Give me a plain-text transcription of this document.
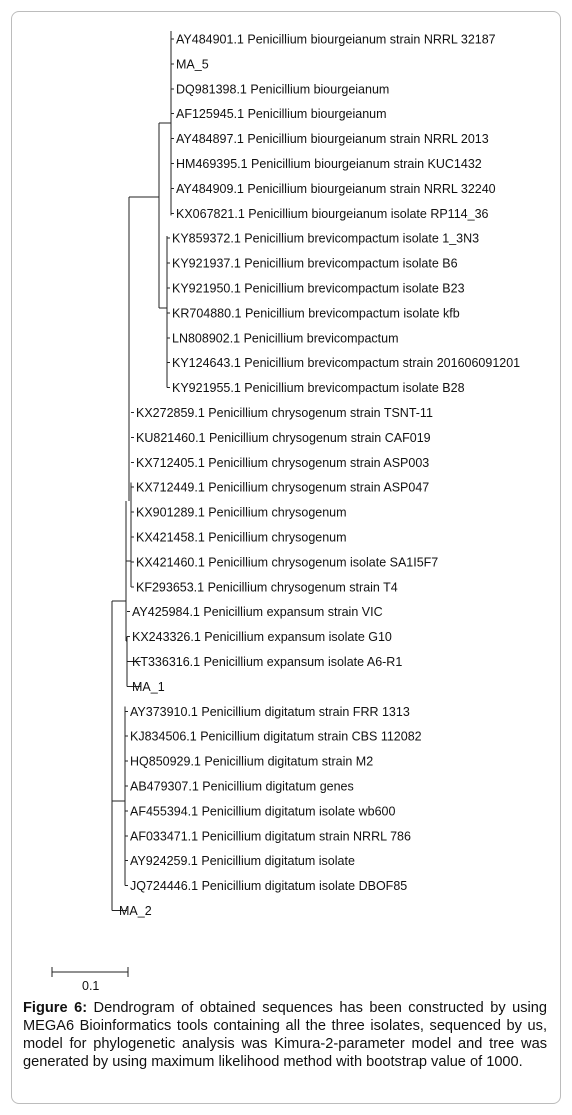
AY484901.1 Penicillium biourgeianum strain NRRL 32187
MA_5
DQ981398.1 Penicillium biourgeianum
AF125945.1 Penicillium biourgeianum
AY484897.1 Penicillium biourgeianum strain NRRL 2013
HM469395.1 Penicillium biourgeianum strain KUC1432
AY484909.1 Penicillium biourgeianum strain NRRL 32240
KX067821.1 Penicillium biourgeianum isolate RP114_36
KY859372.1 Penicillium brevicompactum isolate 1_3N3
KY921937.1 Penicillium brevicompactum isolate B6
KY921950.1 Penicillium brevicompactum isolate B23
KR704880.1 Penicillium brevicompactum isolate kfb
LN808902.1 Penicillium brevicompactum
KY124643.1 Penicillium brevicompactum strain 201606091201
KY921955.1 Penicillium brevicompactum isolate B28
KX272859.1 Penicillium chrysogenum strain TSNT-11
KU821460.1 Penicillium chrysogenum strain CAF019
KX712405.1 Penicillium chrysogenum strain ASP003
KX712449.1 Penicillium chrysogenum strain ASP047
KX901289.1 Penicillium chrysogenum
KX421458.1 Penicillium chrysogenum
KX421460.1 Penicillium chrysogenum isolate SA1I5F7
KF293653.1 Penicillium chrysogenum strain T4
AY425984.1 Penicillium expansum strain VIC
KX243326.1 Penicillium expansum isolate G10
KT336316.1 Penicillium expansum isolate A6-R1
MA_1
AY373910.1 Penicillium digitatum strain FRR 1313
KJ834506.1 Penicillium digitatum strain CBS 112082
HQ850929.1 Penicillium digitatum strain M2
AB479307.1 Penicillium digitatum genes
AF455394.1 Penicillium digitatum isolate wb600
AF033471.1 Penicillium digitatum strain NRRL 786
AY924259.1 Penicillium digitatum isolate
JQ724446.1 Penicillium digitatum isolate DBOF85
MA_2
0.1

Figure 6: Dendrogram of obtained sequences has been constructed by using MEGA6 Bioinformatics tools containing all the three isolates, sequenced by us, model for phylogenetic analysis was Kimura-2-parameter model and tree was generated by using maximum likelihood method with bootstrap value of 1000.
